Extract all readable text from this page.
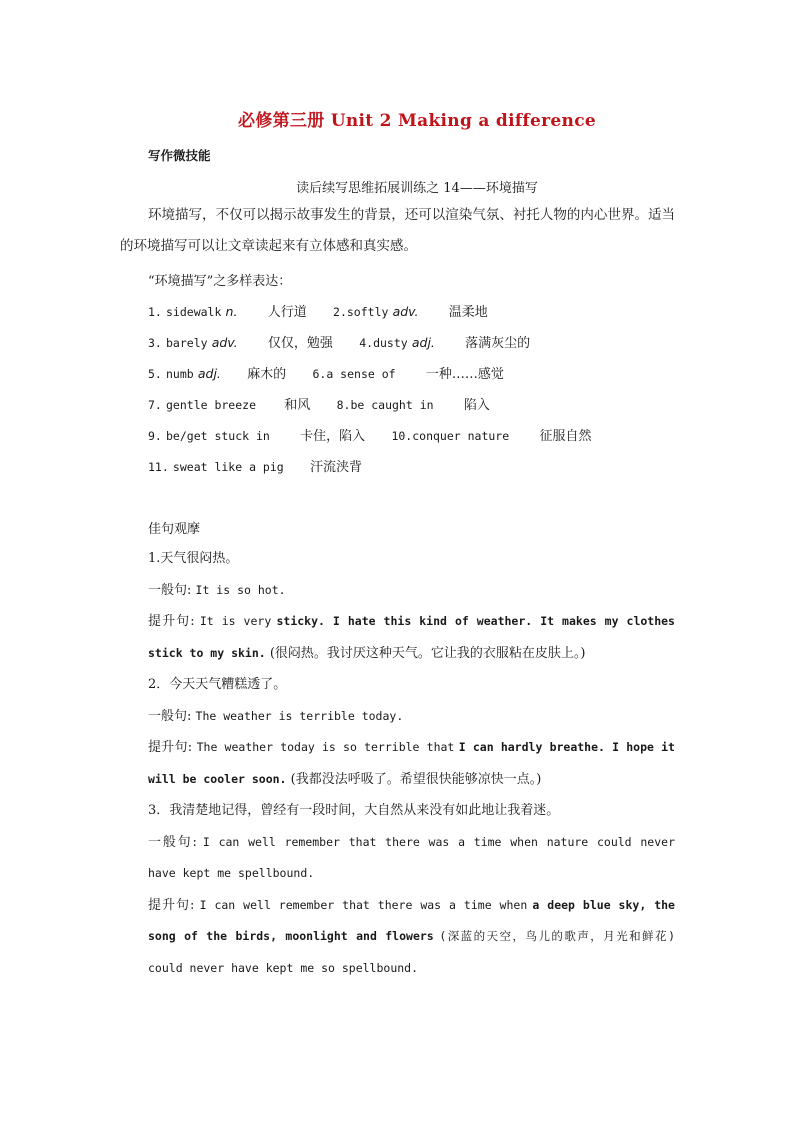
必修第三册 Unit 2 Making a difference
写作微技能
读后续写思维拓展训练之 14——环境描写
环境描写，不仅可以揭示故事发生的背景，还可以渲染气氛、衬托人物的内心世界。适当的环境描写可以让文章读起来有立体感和真实感。
“环境描写”之多样表达：
1. sidewalk n. 人行道 2.softly adv. 温柔地
3. barely adv. 仅仅，勉强 4.dusty adj. 落满灰尘的
5. numb adj. 麻木的 6.a sense of 一种……感觉
7. gentle breeze 和风 8.be caught in 陷入
9. be/get stuck in 卡住，陷入 10.conquer nature 征服自然
11. sweat like a pig 汗流浃背
佳句观摩
1.天气很闷热。
一般句: It is so hot.
提升句: It is very sticky. I hate this kind of weather. It makes my clothes stick to my skin. (很闷热。我讨厌这种天气。它让我的衣服粘在皮肤上。)
2．今天天气糟糕透了。
一般句: The weather is terrible today.
提升句: The weather today is so terrible that I can hardly breathe. I hope it will be cooler soon. (我都没法呼吸了。希望很快能够凉快一点。)
3．我清楚地记得，曾经有一段时间，大自然从来没有如此地让我着迷。
一般句: I can well remember that there was a time when nature could never have kept me spellbound.
提升句: I can well remember that there was a time when a deep blue sky, the song of the birds, moonlight and flowers (深蓝的天空，鸟儿的歌声，月光和鲜花) could never have kept me so spellbound.
